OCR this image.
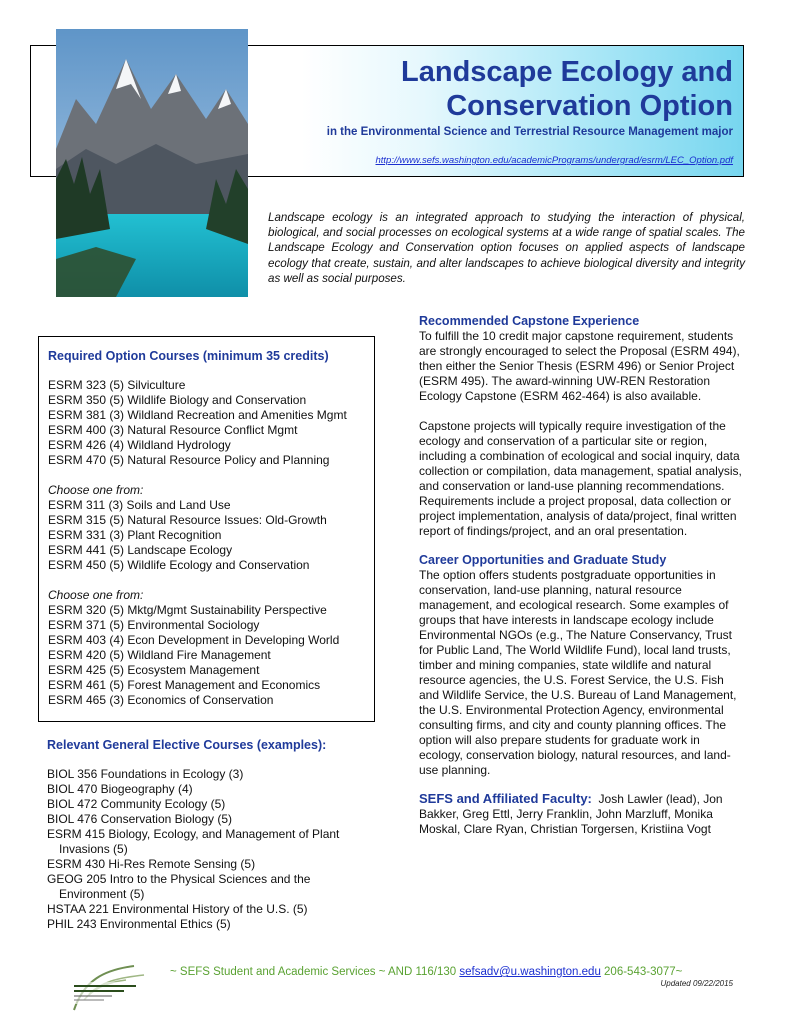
Landscape Ecology and
Conservation Option
in the Environmental Science and Terrestrial Resource Management major
http://www.sefs.washington.edu/academicPrograms/undergrad/esrm/LEC_Option.pdf
Landscape ecology is an integrated approach to studying the interaction of physical, biological, and social processes on ecological systems at a wide range of spatial scales. The Landscape Ecology and Conservation option focuses on applied aspects of landscape ecology that create, sustain, and alter landscapes to achieve biological diversity and integrity as well as social purposes.
Required Option Courses (minimum 35 credits)
ESRM 323 (5) Silviculture
ESRM 350 (5) Wildlife Biology and Conservation
ESRM 381 (3) Wildland Recreation and Amenities Mgmt
ESRM 400 (3) Natural Resource Conflict Mgmt
ESRM 426 (4) Wildland Hydrology
ESRM 470 (5) Natural Resource Policy and Planning
Choose one from:
ESRM 311 (3) Soils and Land Use
ESRM 315 (5) Natural Resource Issues: Old-Growth
ESRM 331 (3) Plant Recognition
ESRM 441 (5) Landscape Ecology
ESRM 450 (5) Wildlife Ecology and Conservation
Choose one from:
ESRM 320 (5) Mktg/Mgmt Sustainability Perspective
ESRM 371 (5) Environmental Sociology
ESRM 403 (4) Econ Development in Developing World
ESRM 420 (5) Wildland Fire Management
ESRM 425 (5) Ecosystem Management
ESRM 461 (5) Forest Management and Economics
ESRM 465 (3) Economics of Conservation
Relevant General Elective Courses (examples):
BIOL 356 Foundations in Ecology (3)
BIOL 470 Biogeography (4)
BIOL 472 Community Ecology (5)
BIOL 476 Conservation Biology (5)
ESRM 415 Biology, Ecology, and Management of Plant
Invasions (5)
ESRM 430 Hi-Res Remote Sensing (5)
GEOG 205 Intro to the Physical Sciences and the
Environment (5)
HSTAA 221 Environmental History of the U.S. (5)
PHIL 243 Environmental Ethics (5)
Recommended Capstone Experience

To fulfill the 10 credit major capstone requirement, students are strongly encouraged to select the Proposal (ESRM 494), then either the Senior Thesis (ESRM 496) or Senior Project (ESRM 495). The award-winning UW-REN Restoration Ecology Capstone (ESRM 462-464) is also available.

Capstone projects will typically require investigation of the ecology and conservation of a particular site or region, including a combination of ecological and social inquiry, data collection or compilation, data management, spatial analysis, and conservation or land-use planning recommendations. Requirements include a project proposal, data collection or project implementation, analysis of data/project, final written report of findings/project, and an oral presentation.

Career Opportunities and Graduate Study

The option offers students postgraduate opportunities in conservation, land-use planning, natural resource management, and ecological research. Some examples of groups that have interests in landscape ecology include Environmental NGOs (e.g., The Nature Conservancy, Trust for Public Land, The World Wildlife Fund), local land trusts, timber and mining companies, state wildlife and natural resource agencies, the U.S. Forest Service, the U.S. Fish and Wildlife Service, the U.S. Bureau of Land Management, the U.S. Environmental Protection Agency, environmental consulting firms, and city and county planning offices. The option will also prepare students for graduate work in ecology, conservation biology, natural resources, and land-use planning.

SEFS and Affiliated Faculty: Josh Lawler (lead), Jon Bakker, Greg Ettl, Jerry Franklin, John Marzluff, Monika Moskal, Clare Ryan, Christian Torgersen, Kristiina Vogt

~ SEFS Student and Academic Services ~ AND 116/130 sefsadv@u.washington.edu 206-543-3077~
Updated 09/22/2015
